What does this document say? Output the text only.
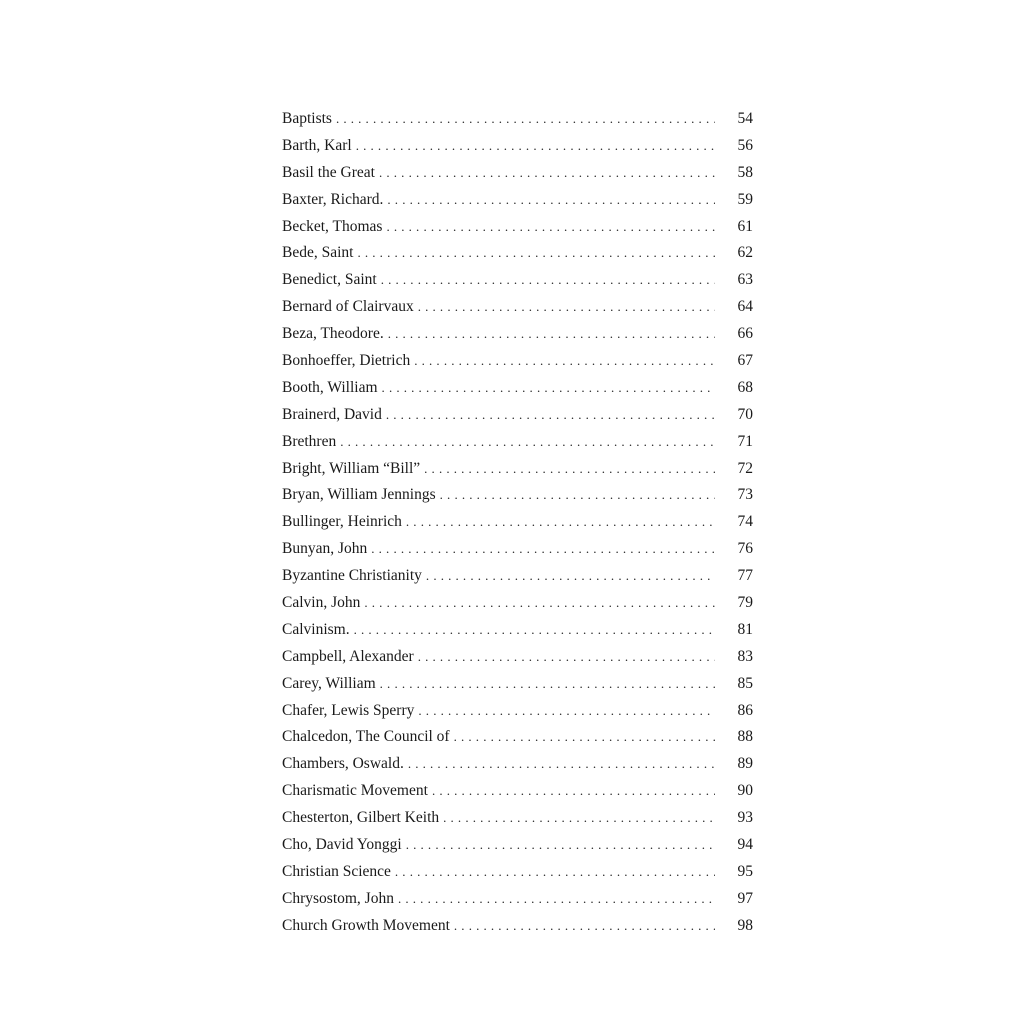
Baptists . . .	54
Barth, Karl . . .	56
Basil the Great . . .	58
Baxter, Richard. . . .	59
Becket, Thomas . . .	61
Bede, Saint . . .	62
Benedict, Saint . . .	63
Bernard of Clairvaux . . .	64
Beza, Theodore. . . .	66
Bonhoeffer, Dietrich . . .	67
Booth, William . . .	68
Brainerd, David . . .	70
Brethren . . .	71
Bright, William “Bill” . . .	72
Bryan, William Jennings . . .	73
Bullinger, Heinrich . . .	74
Bunyan, John . . .	76
Byzantine Christianity . . .	77
Calvin, John . . .	79
Calvinism. . . .	81
Campbell, Alexander . . .	83
Carey, William . . .	85
Chafer, Lewis Sperry . . .	86
Chalcedon, The Council of . . .	88
Chambers, Oswald. . . .	89
Charismatic Movement . . .	90
Chesterton, Gilbert Keith . . .	93
Cho, David Yonggi . . .	94
Christian Science . . .	95
Chrysostom, John . . .	97
Church Growth Movement . . .	98
